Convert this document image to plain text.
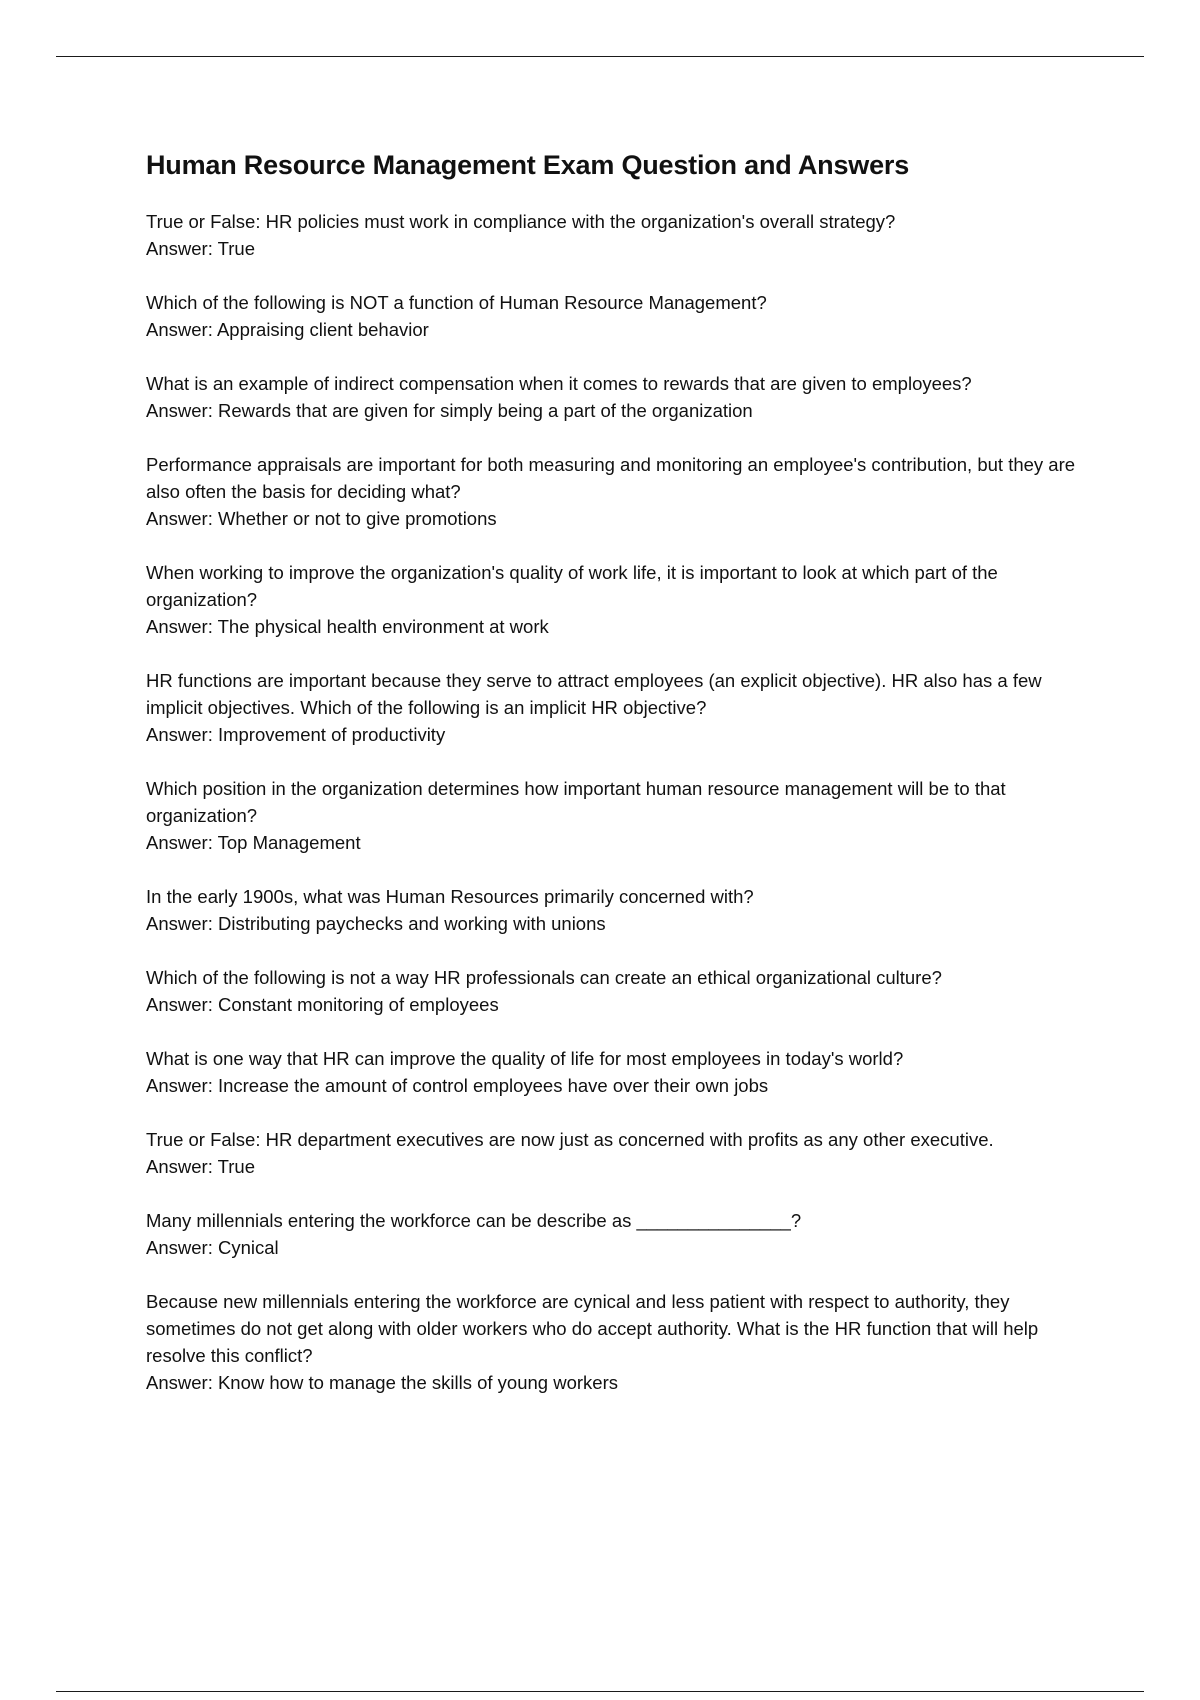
Human Resource Management Exam Question and Answers
True or False: HR policies must work in compliance with the organization's overall strategy?
Answer: True
Which of the following is NOT a function of Human Resource Management?
Answer: Appraising client behavior
What is an example of indirect compensation when it comes to rewards that are given to employees?
Answer: Rewards that are given for simply being a part of the organization
Performance appraisals are important for both measuring and monitoring an employee's contribution, but they are also often the basis for deciding what?
Answer: Whether or not to give promotions
When working to improve the organization's quality of work life, it is important to look at which part of the organization?
Answer: The physical health environment at work
HR functions are important because they serve to attract employees (an explicit objective). HR also has a few implicit objectives. Which of the following is an implicit HR objective?
Answer: Improvement of productivity
Which position in the organization determines how important human resource management will be to that organization?
Answer: Top Management
In the early 1900s, what was Human Resources primarily concerned with?
Answer: Distributing paychecks and working with unions
Which of the following is not a way HR professionals can create an ethical organizational culture?
Answer: Constant monitoring of employees
What is one way that HR can improve the quality of life for most employees in today's world?
Answer: Increase the amount of control employees have over their own jobs
True or False: HR department executives are now just as concerned with profits as any other executive.
Answer: True
Many millennials entering the workforce can be describe as _______________?
Answer: Cynical
Because new millennials entering the workforce are cynical and less patient with respect to authority, they sometimes do not get along with older workers who do accept authority. What is the HR function that will help resolve this conflict?
Answer: Know how to manage the skills of young workers
